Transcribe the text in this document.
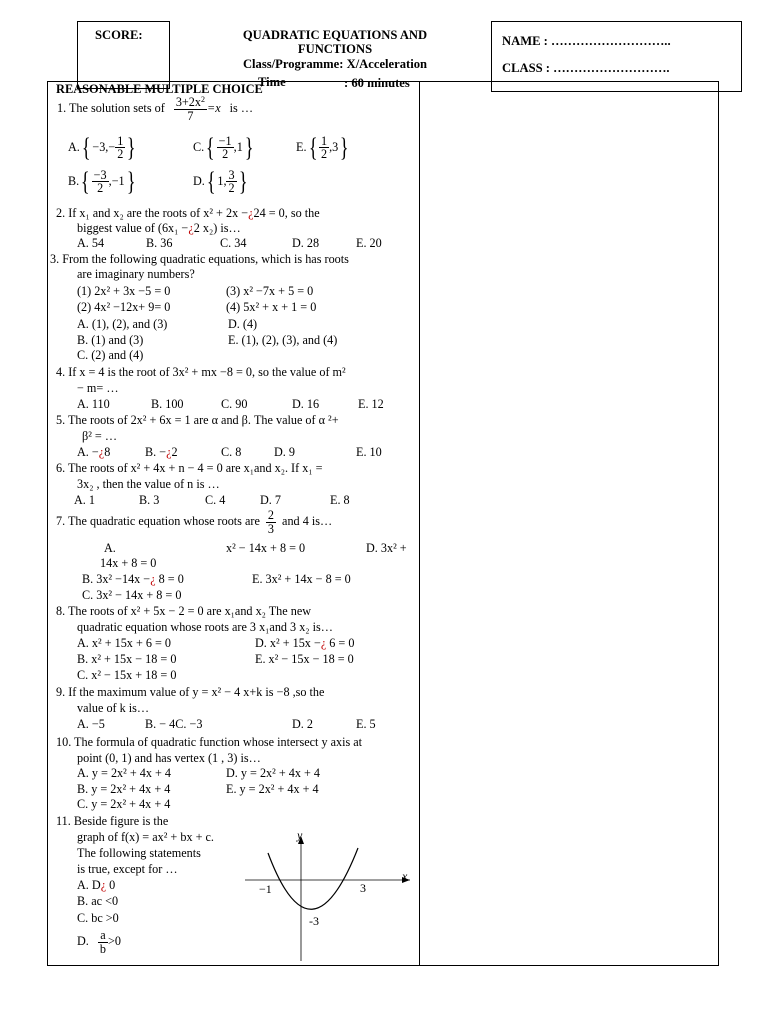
SCORE:	QUADRATIC EQUATIONS AND
FUNCTIONS
Class/Programme: X/Acceleration
Time	: 60 minutes
NAME : ………………………..
CLASS : ……………………….
REASONABLE MULTIPLE CHOICE
1. The solution sets of $\frac{3+2x^2}{7} =x$ is …
$A.\{ -3,- \frac{1}{2}$ }	$C.\{ \frac{-1}{2} ,1\}$	$E.\{ \frac{1}{2} ,3\}$
$B.\{ \frac{-3}{2} ,-1\}$	D.{ 1, $\frac{3}{2}$ }
2. If x₁ and x₂ are the roots of x² + 2x −¿24 = 0, so the
biggest value of (6x₁ −¿2 x₂) is…
A. 54	B. 36	C. 34	D. 28	E. 20
3. From the following quadratic equations, which is has roots
are imaginary numbers?
(1) 2x² + 3x −5 = 0	(3) x² −7x + 5 = 0
(2) 4x² −12x+ 9= 0	(4) 5x² + x + 1 = 0
A. (1), (2), and (3)	D. (4)
B. (1) and (3)	E. (1), (2), (3), and (4)
C. (2) and (4)
4. If x = 4 is the root of 3x² + mx −8 = 0, so the value of m²
− m= …
A. 110	B. 100	C. 90	D. 16	E. 12
5. The roots of 2x² + 6x = 1 are α and β. The value of α ²+
β² = …
A. −¿8	B. −¿2	C. 8	D. 9	E. 10
6. The roots of x² + 4x + n − 4 = 0 are x₁and x₂. If x₁ =
3x₂ , then the value of n is …
A. 1	B. 3	C. 4	D. 7	E. 8
7. The quadratic equation whose roots are $\frac{2}{3}$ and 4 is…
A.	x² − 14x + 8 = 0	D. 3x² +
14x + 8 = 0
B. 3x² −14x −¿ 8 = 0	E. 3x² + 14x − 8 = 0
C. 3x² − 14x + 8 = 0
8. The roots of x² + 5x − 2 = 0 are x₁and x₂ The new
quadratic equation whose roots are 3 x₁and 3 x₂ is…
A. x² + 15x + 6 = 0	D. x² + 15x −¿ 6 = 0
B. x² + 15x − 18 = 0	E. x² − 15x − 18 = 0
C. x² − 15x + 18 = 0
9. If the maximum value of y = x² − 4 x+k is −8 ,so the
value of k is…
A. −5	B. − 4C. −3	D. 2	E. 5
10. The formula of quadratic function whose intersect y axis at
point (0, 1) and has vertex (1 , 3) is…
A. y = 2x² + 4x + 4	D. y = 2x² + 4x + 4
B. y = 2x² + 4x + 4	E. y = 2x² + 4x + 4
C. y = 2x² + 4x + 4
11. Beside figure is the
graph of f(x) = ax² + bx + c.
The following statements
is true, except for …
A. D¿ 0
B. ac <0
C. bc >0
D. $\frac{a}{b} >0$
y
x
−1	3
-3
